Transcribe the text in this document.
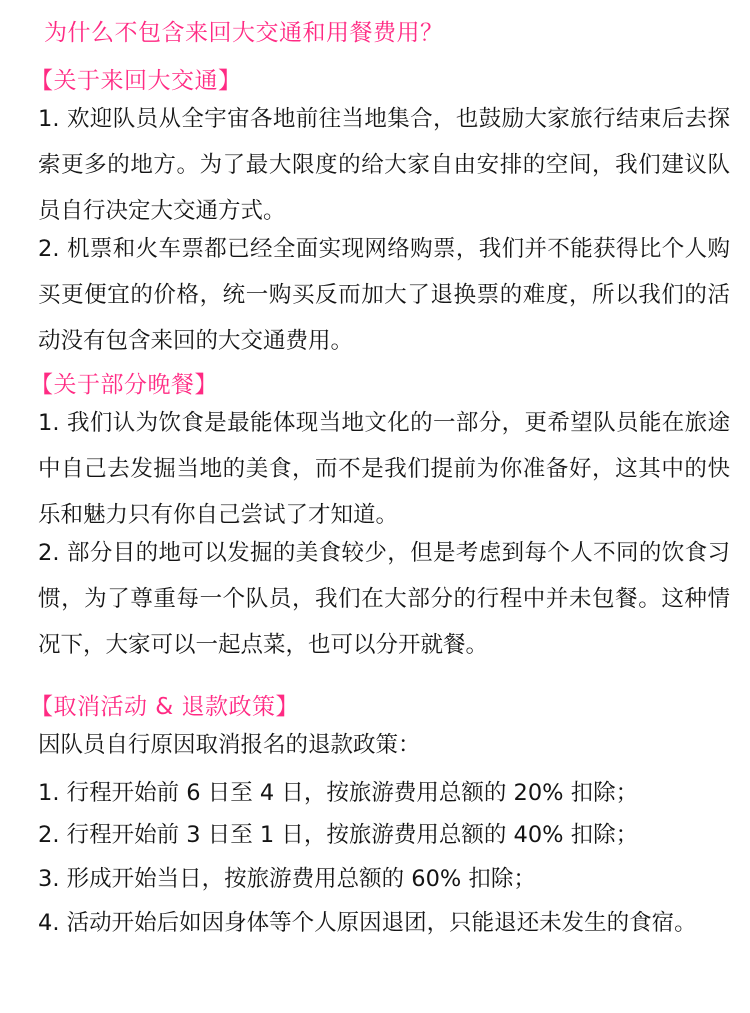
为什么不包含来回大交通和用餐费用？
【关于来回大交通】

1. 欢迎队员从全宇宙各地前往当地集合，也鼓励大家旅行结束后去探索更多的地方。为了最大限度的给大家自由安排的空间，我们建议队员自行决定大交通方式。

2. 机票和火车票都已经全面实现网络购票，我们并不能获得比个人购买更便宜的价格，统一购买反而加大了退换票的难度，所以我们的活动没有包含来回的大交通费用。

【关于部分晚餐】

1. 我们认为饮食是最能体现当地文化的一部分，更希望队员能在旅途中自己去发掘当地的美食，而不是我们提前为你准备好，这其中的快乐和魅力只有你自己尝试了才知道。

2. 部分目的地可以发掘的美食较少，但是考虑到每个人不同的饮食习惯，为了尊重每一个队员，我们在大部分的行程中并未包餐。这种情况下，大家可以一起点菜，也可以分开就餐。

【取消活动 & 退款政策】
因队员自行原因取消报名的退款政策：
1. 行程开始前 6 日至 4 日，按旅游费用总额的 20% 扣除；
2. 行程开始前 3 日至 1 日，按旅游费用总额的 40% 扣除；
3. 形成开始当日，按旅游费用总额的 60% 扣除；

4. 活动开始后如因身体等个人原因退团，只能退还未发生的食宿。
